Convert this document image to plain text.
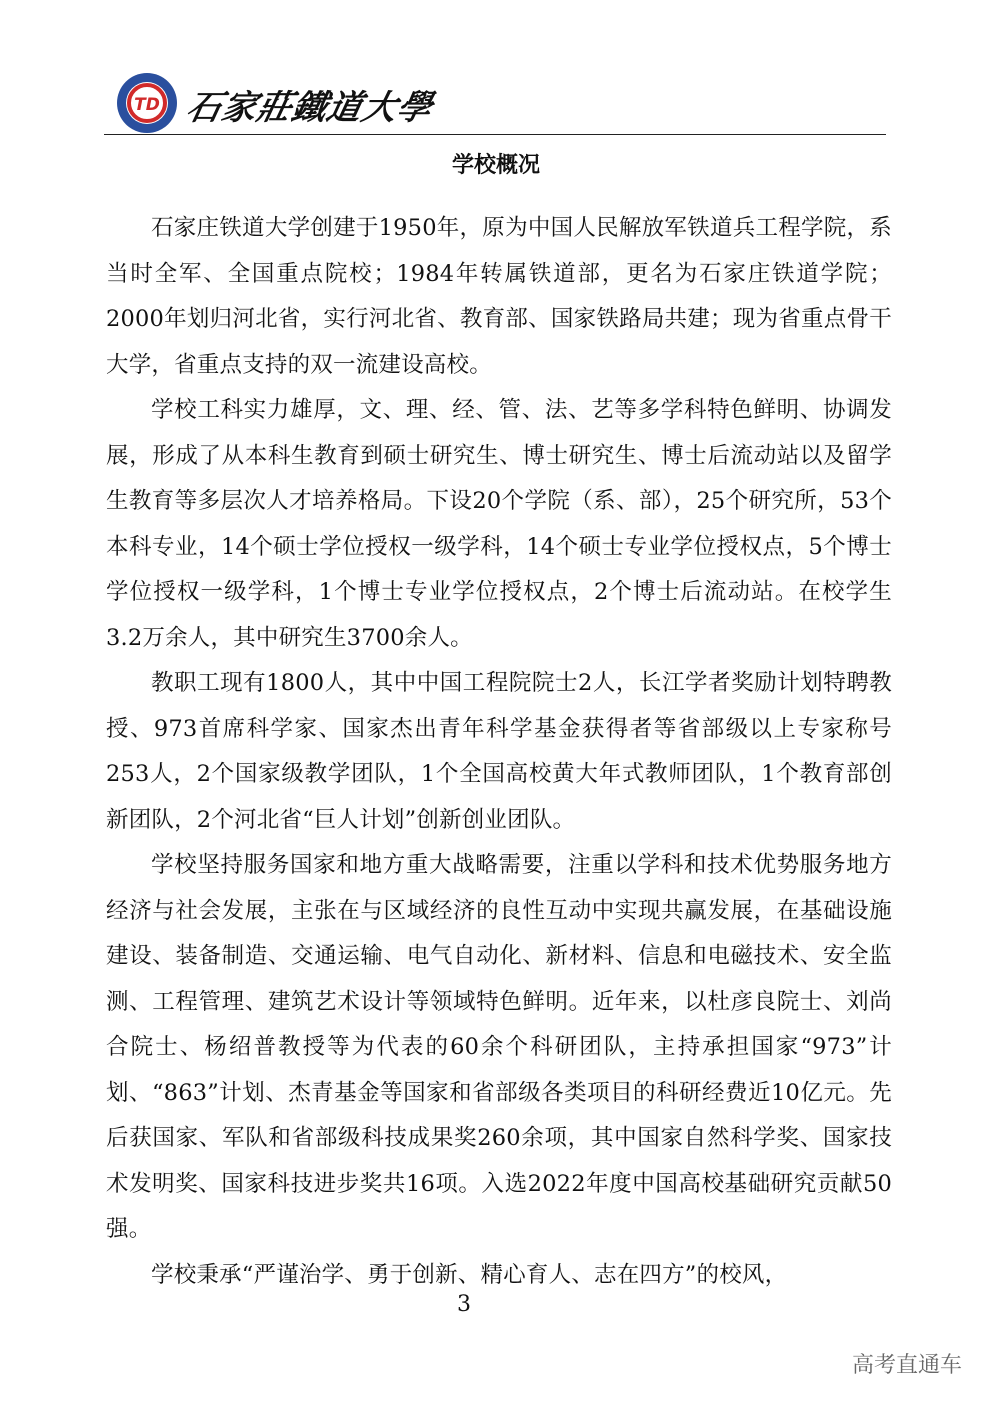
TD 石家莊鐵道大學
学校概况

石家庄铁道大学创建于1950年，原为中国人民解放军铁道兵工程学院，系当时全军、全国重点院校；1984年转属铁道部，更名为石家庄铁道学院；2000年划归河北省，实行河北省、教育部、国家铁路局共建；现为省重点骨干大学，省重点支持的双一流建设高校。

学校工科实力雄厚，文、理、经、管、法、艺等多学科特色鲜明、协调发展，形成了从本科生教育到硕士研究生、博士研究生、博士后流动站以及留学生教育等多层次人才培养格局。下设20个学院（系、部），25个研究所，53个本科专业，14个硕士学位授权一级学科，14个硕士专业学位授权点，5个博士学位授权一级学科，1个博士专业学位授权点，2个博士后流动站。在校学生3.2万余人，其中研究生3700余人。

教职工现有1800人，其中中国工程院院士2人，长江学者奖励计划特聘教授、973首席科学家、国家杰出青年科学基金获得者等省部级以上专家称号253人，2个国家级教学团队，1个全国高校黄大年式教师团队，1个教育部创新团队，2个河北省“巨人计划”创新创业团队。

学校坚持服务国家和地方重大战略需要，注重以学科和技术优势服务地方经济与社会发展，主张在与区域经济的良性互动中实现共赢发展，在基础设施建设、装备制造、交通运输、电气自动化、新材料、信息和电磁技术、安全监测、工程管理、建筑艺术设计等领域特色鲜明。近年来，以杜彦良院士、刘尚合院士、杨绍普教授等为代表的60余个科研团队，主持承担国家“973”计划、“863”计划、杰青基金等国家和省部级各类项目的科研经费近10亿元。先后获国家、军队和省部级科技成果奖260余项，其中国家自然科学奖、国家技术发明奖、国家科技进步奖共16项。入选2022年度中国高校基础研究贡献50强。

学校秉承“严谨治学、勇于创新、精心育人、志在四方”的校风，

3
高考直通车
